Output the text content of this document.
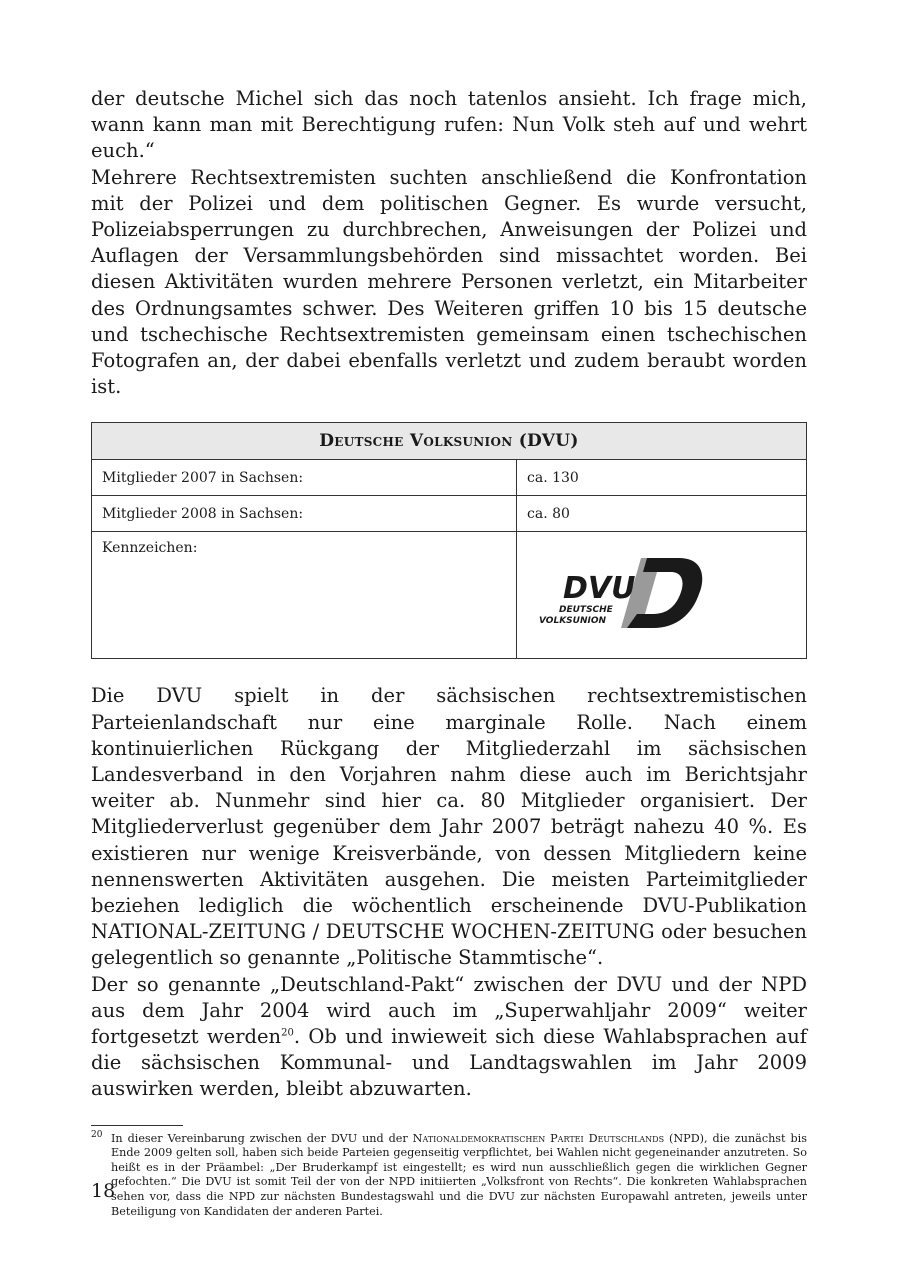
der deutsche Michel sich das noch tatenlos ansieht. Ich frage mich, wann kann man mit Berechtigung rufen: Nun Volk steh auf und wehrt euch.“

Mehrere Rechtsextremisten suchten anschließend die Konfrontation mit der Polizei und dem politischen Gegner. Es wurde versucht, Polizeiabsperrungen zu durchbrechen, Anweisungen der Polizei und Auflagen der Versammlungsbehörden sind missachtet worden. Bei diesen Aktivitäten wurden mehrere Personen verletzt, ein Mitarbeiter des Ordnungsamtes schwer. Des Weiteren griffen 10 bis 15 deutsche und tschechische Rechtsextremisten gemeinsam einen tschechischen Fotografen an, der dabei ebenfalls verletzt und zudem beraubt worden ist.

Deutsche Volksunion (DVU)	
Mitglieder 2007 in Sachsen:	ca. 130
Mitglieder 2008 in Sachsen:	ca. 80
Kennzeichen:	DVU
DEUTSCHE
VOLKSUNION

Die DVU spielt in der sächsischen rechtsextremistischen Parteienlandschaft nur eine marginale Rolle. Nach einem kontinuierlichen Rückgang der Mitgliederzahl im sächsischen Landesverband in den Vorjahren nahm diese auch im Berichtsjahr weiter ab. Nunmehr sind hier ca. 80 Mitglieder organisiert. Der Mitgliederverlust gegenüber dem Jahr 2007 beträgt nahezu 40 %. Es existieren nur wenige Kreisverbände, von dessen Mitgliedern keine nennenswerten Aktivitäten ausgehen. Die meisten Parteimitglieder beziehen lediglich die wöchentlich erscheinende DVU-Publikation NATIONAL-ZEITUNG / DEUTSCHE WOCHEN-ZEITUNG oder besuchen gelegentlich so genannte „Politische Stammtische“.

Der so genannte „Deutschland-Pakt“ zwischen der DVU und der NPD aus dem Jahr 2004 wird auch im „Superwahljahr 2009“ weiter fortgesetzt werden$^{20}$. Ob und inwieweit sich diese Wahlabsprachen auf die sächsischen Kommunal- und Landtagswahlen im Jahr 2009 auswirken werden, bleibt abzuwarten.

20 In dieser Vereinbarung zwischen der DVU und der Nationaldemokratischen Partei Deutschlands (NPD), die zunächst bis Ende 2009 gelten soll, haben sich beide Parteien gegenseitig verpflichtet, bei Wahlen nicht gegeneinander anzutreten. So heißt es in der Präambel: „Der Bruderkampf ist eingestellt; es wird nun ausschließlich gegen die wirklichen Gegner gefochten.“ Die DVU ist somit Teil der von der NPD initiierten „Volksfront von Rechts“. Die konkreten Wahlabsprachen sehen vor, dass die NPD zur nächsten Bundestagswahl und die DVU zur nächsten Europawahl antreten, jeweils unter Beteiligung von Kandidaten der anderen Partei.

18
